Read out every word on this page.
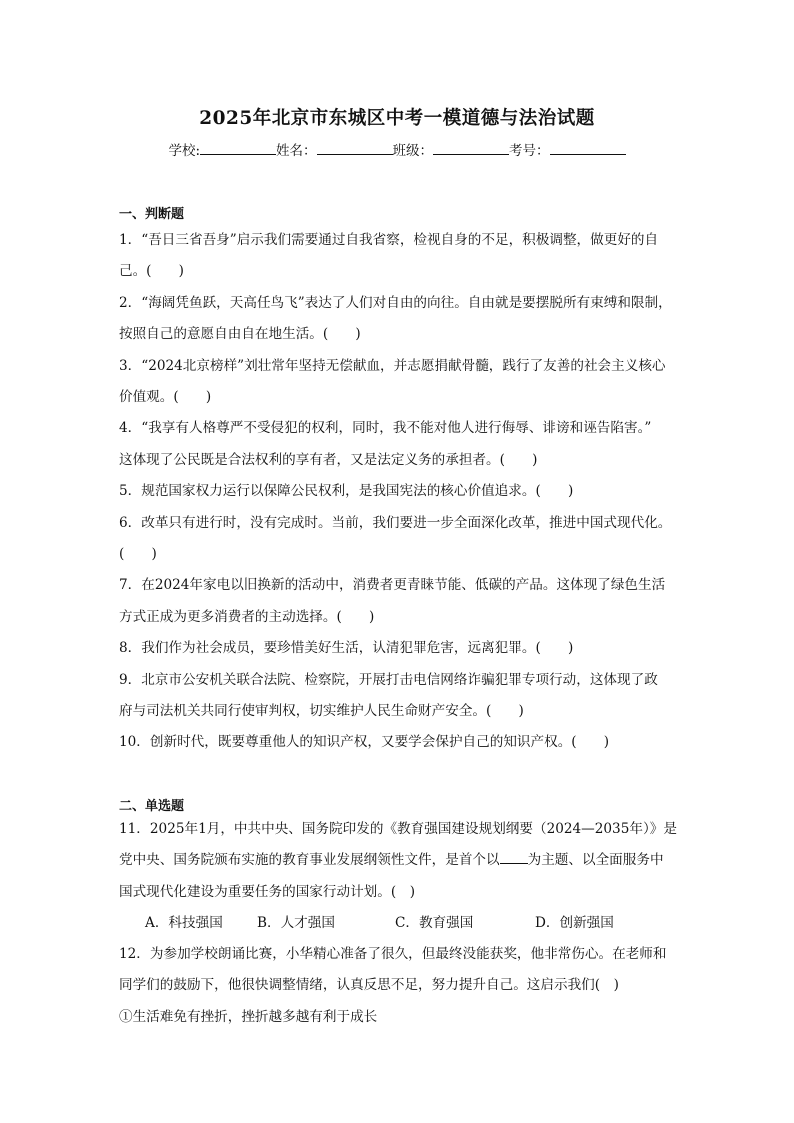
2025年北京市东城区中考一模道德与法治试题
学校:	姓名：	班级：	考号：
一、判断题
1．“吾日三省吾身”启示我们需要通过自我省察，检视自身的不足，积极调整，做更好的自
己。(　　)
2．“海阔凭鱼跃，天高任鸟飞”表达了人们对自由的向往。自由就是要摆脱所有束缚和限制，
按照自己的意愿自由自在地生活。(　　)
3．“2024北京榜样”刘壮常年坚持无偿献血，并志愿捐献骨髓，践行了友善的社会主义核心
价值观。(　　)
4．“我享有人格尊严不受侵犯的权利，同时，我不能对他人进行侮辱、诽谤和诬告陷害。”
这体现了公民既是合法权利的享有者，又是法定义务的承担者。(　　)
5．规范国家权力运行以保障公民权利，是我国宪法的核心价值追求。(　　)
6．改革只有进行时，没有完成时。当前，我们要进一步全面深化改革，推进中国式现代化。
(　　)
7．在2024年家电以旧换新的活动中，消费者更青睐节能、低碳的产品。这体现了绿色生活
方式正成为更多消费者的主动选择。(　　)
8．我们作为社会成员，要珍惜美好生活，认清犯罪危害，远离犯罪。(　　)
9．北京市公安机关联合法院、检察院，开展打击电信网络诈骗犯罪专项行动，这体现了政
府与司法机关共同行使审判权，切实维护人民生命财产安全。(　　)
10．创新时代，既要尊重他人的知识产权，又要学会保护自己的知识产权。(　　)
二、单选题
11．2025年1月，中共中央、国务院印发的《教育强国建设规划纲要（2024—2035年）》是
党中央、国务院颁布实施的教育事业发展纲领性文件，是首个以 为主题、以全面服务中
国式现代化建设为重要任务的国家行动计划。(　)
A．科技强国	B．人才强国	C．教育强国	D．创新强国
12．为参加学校朗诵比赛，小华精心准备了很久，但最终没能获奖，他非常伤心。在老师和
同学们的鼓励下，他很快调整情绪，认真反思不足，努力提升自己。这启示我们(　)
①生活难免有挫折，挫折越多越有利于成长
